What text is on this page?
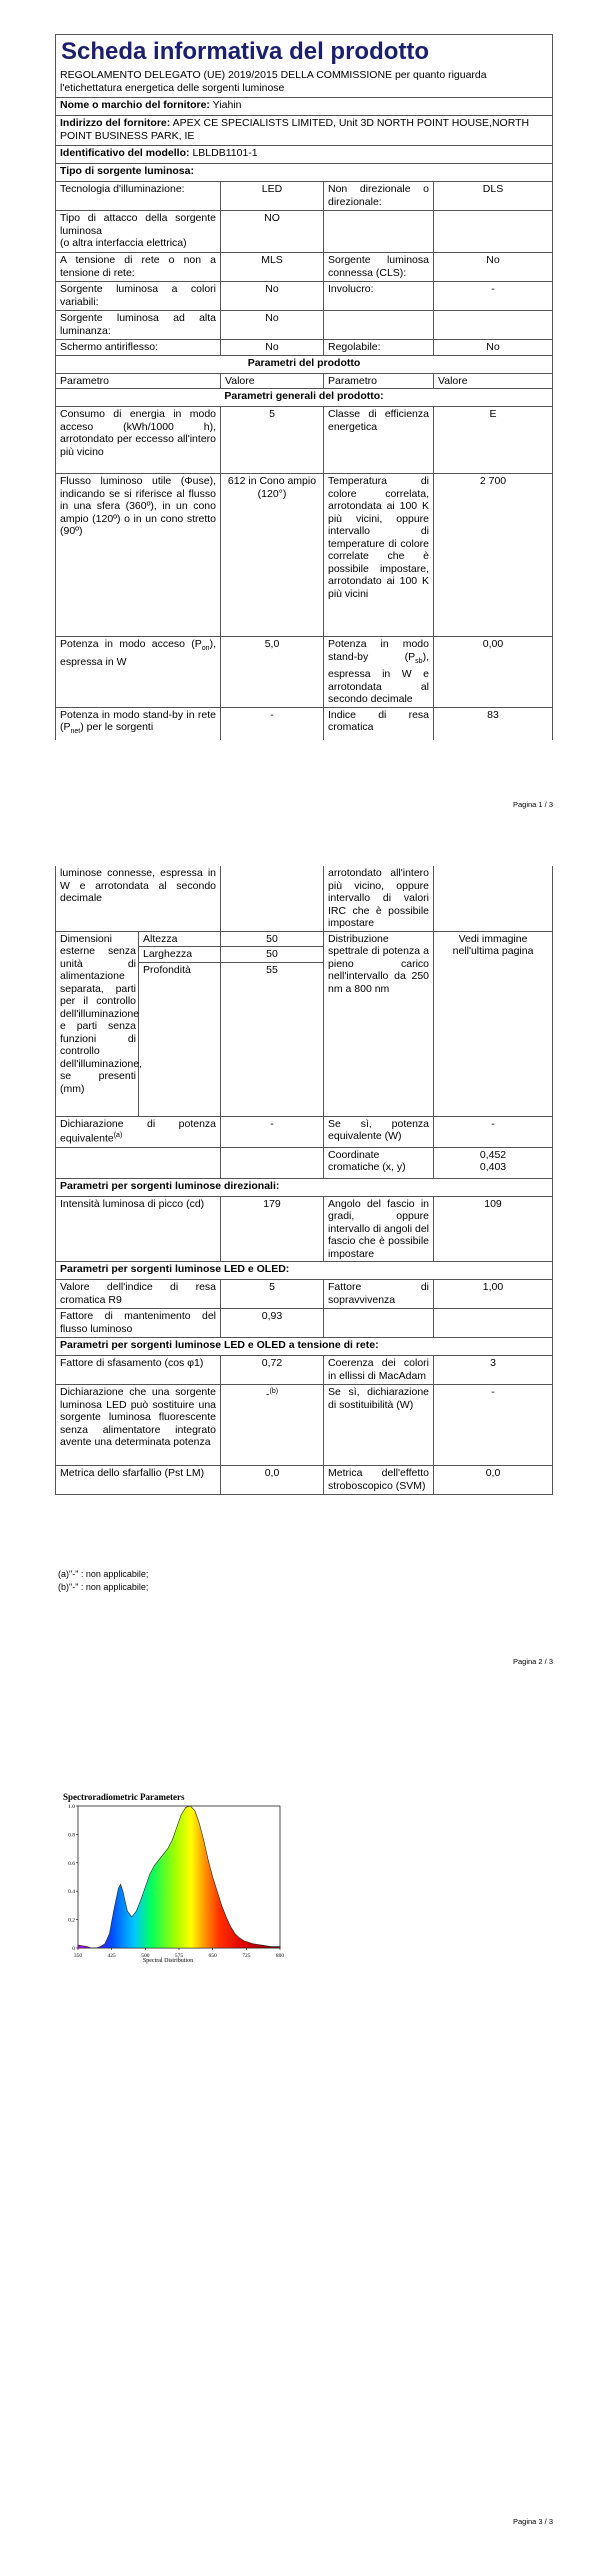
Scheda informativa del prodotto

REGOLAMENTO DELEGATO (UE) 2019/2015 DELLA COMMISSIONE per quanto riguarda l'etichettatura energetica delle sorgenti luminose			
Nome o marchio del fornitore: Yiahin			
Indirizzo del fornitore: APEX CE SPECIALISTS LIMITED, Unit 3D NORTH POINT HOUSE,NORTH POINT BUSINESS PARK, IE			
Identificativo del modello: LBLDB1101-1			
Tipo di sorgente luminosa:			
Tecnologia d'illuminazione:	LED	Non direzionale o direzionale:	DLS
Tipo di attacco della sorgente luminosa
(o altra interfaccia elettrica)	NO		
A tensione di rete o non a tensione di rete:	MLS	Sorgente luminosa connessa (CLS):	No
Sorgente luminosa a colori variabili:	No	Involucro:	-
Sorgente luminosa ad alta luminanza:	No		
Schermo antiriflesso:	No	Regolabile:	No
Parametri del prodotto			
Parametro	Valore	Parametro	Valore
Parametri generali del prodotto:			
Consumo di energia in modo acceso (kWh/1000 h), arrotondato per eccesso all'intero più vicino	5	Classe di efficienza energetica	E
Flusso luminoso utile (Φuse), indicando se si riferisce al flusso in una sfera (360º), in un cono ampio (120º) o in un cono stretto (90º)	612 in Cono ampio (120°)	Temperatura di colore correlata, arrotondata ai 100 K più vicini, oppure intervallo di temperature di colore correlate che è possibile impostare, arrotondato ai 100 K più vicini	2 700
Potenza in modo acceso $(P_{on})$, espressa in W	5,0	Potenza in modo stand-by $(P_{sb})$, espressa in W e arrotondata al secondo decimale	0,00
Potenza in modo stand-by in rete $(P_{net})$ per le sorgenti	-	Indice di resa cromatica	83
Pagina 1 / 3
luminose connesse, espressa in W e arrotondata al secondo decimale			arrotondato all'intero più vicino, oppure intervallo di valori IRC che è possibile impostare	
Dimensioni esterne senza unità di alimentazione separata, parti per il controllo dell'illuminazione e parti senza funzioni di controllo dell'illuminazione, se presenti (mm)	Altezza	50	Distribuzione spettrale di potenza a pieno carico nell'intervallo da 250 nm a 800 nm	Vedi immagine nell'ultima pagina
	Larghezza	50		
	Profondità	55		
Dichiarazione di potenza equivalente$^{(a)}$		-	Se sì, potenza equivalente (W)	-
			Coordinate cromatiche (x, y)	0,452
0,403
Parametri per sorgenti luminose direzionali:				
Intensità luminosa di picco (cd)		179	Angolo del fascio in gradi, oppure intervallo di angoli del fascio che è possibile impostare	109
Parametri per sorgenti luminose LED e OLED:				
Valore dell'indice di resa cromatica R9		5	Fattore di sopravvivenza	1,00
Fattore di mantenimento del flusso luminoso		0,93		
Parametri per sorgenti luminose LED e OLED a tensione di rete:				
Fattore di sfasamento (cos φ1)		0,72	Coerenza dei colori in ellissi di MacAdam	3
Dichiarazione che una sorgente luminosa LED può sostituire una sorgente luminosa fluorescente senza alimentatore integrato avente una determinata potenza		-$^{(b)}$	Se sì, dichiarazione di sostituibilità (W)	-
Metrica dello sfarfallio (Pst LM)		0,0	Metrica dell'effetto stroboscopico (SVM)	0,0
(a)"-" : non applicabile;
(b)"-" : non applicabile;
Pagina 2 / 3
Spectroradiometric Parameters
0
0.2
0.4
0.6
0.8
1.0
350	425	500	575	650	725	800
Spectral Distribution
Pagina 3 / 3
